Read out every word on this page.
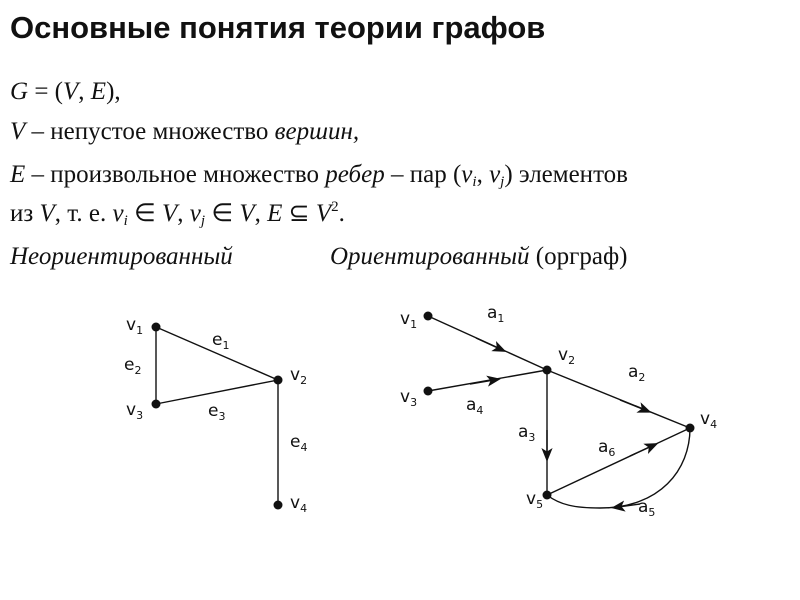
Основные понятия теории графов
G = (V, E),
V – непустое множество вершин,
E – произвольное множество ребер – пар ($v_i$, $v_j$) элементов
из V, т. е. $v_i$ ∈ V, $v_j$ ∈ V, E ⊆ $V^2$.
Неориентированный	Ориентированный (орграф)
$v_1$
$v_2$
$v_3$
$v_4$
$e_1$
$e_2$
$e_3$
$e_4$
$v_1$
$v_2$
$v_3$
$v_4$
$v_5$
$a_1$
$a_2$
$a_3$
$a_4$
$a_5$
$a_6$
